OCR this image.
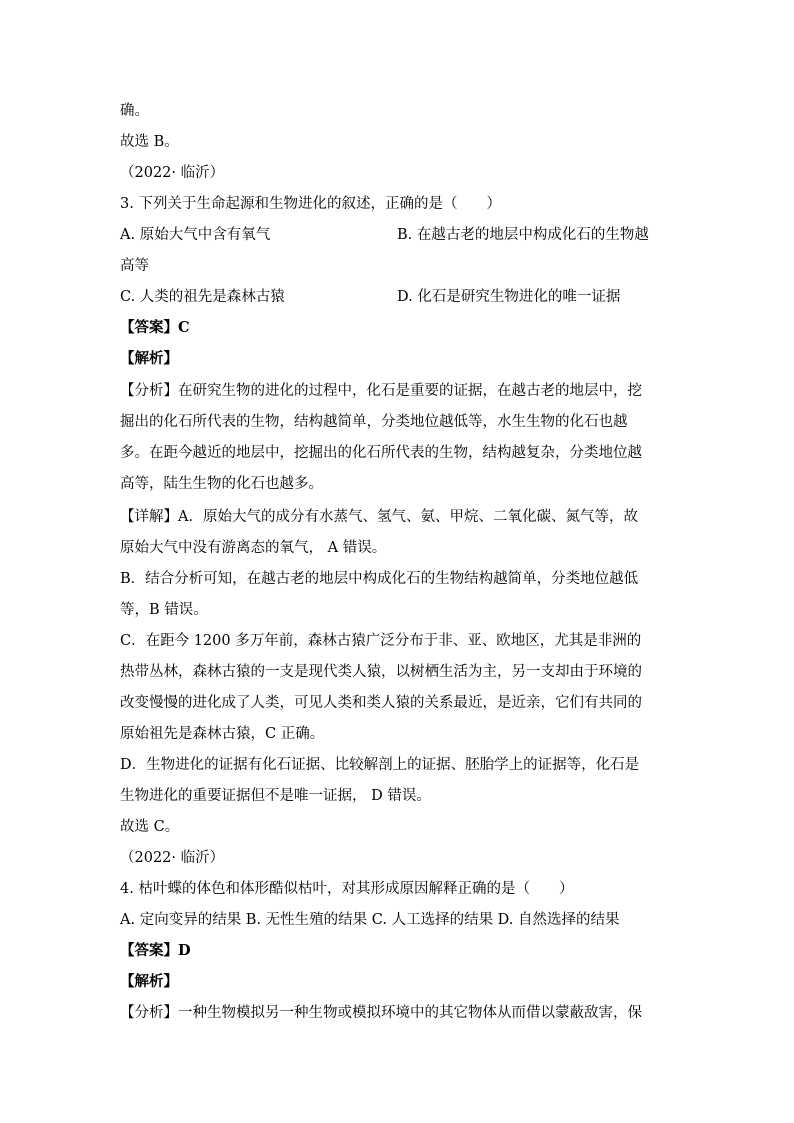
确。
故选 B。
（2022· 临沂）
3. 下列关于生命起源和生物进化的叙述，正确的是（　　）
A. 原始大气中含有氧气	B. 在越古老的地层中构成化石的生物越
高等
C. 人类的祖先是森林古猿	D. 化石是研究生物进化的唯一证据
【答案】C
【解析】
【分析】在研究生物的进化的过程中，化石是重要的证据，在越古老的地层中，挖
掘出的化石所代表的生物，结构越简单，分类地位越低等，水生生物的化石也越
多。在距今越近的地层中，挖掘出的化石所代表的生物，结构越复杂，分类地位越
高等，陆生生物的化石也越多。
【详解】A．原始大气的成分有水蒸气、氢气、氨、甲烷、二氧化碳、氮气等，故
原始大气中没有游离态的氧气， A 错误。
B．结合分析可知，在越古老的地层中构成化石的生物结构越简单，分类地位越低
等，B 错误。
C．在距今 1200 多万年前，森林古猿广泛分布于非、亚、欧地区，尤其是非洲的
热带丛林，森林古猿的一支是现代类人猿，以树栖生活为主，另一支却由于环境的
改变慢慢的进化成了人类，可见人类和类人猿的关系最近，是近亲，它们有共同的
原始祖先是森林古猿，C 正确。
D．生物进化的证据有化石证据、比较解剖上的证据、胚胎学上的证据等，化石是
生物进化的重要证据但不是唯一证据， D 错误。
故选 C。
（2022· 临沂）
4. 枯叶蝶的体色和体形酷似枯叶，对其形成原因解释正确的是（　　）
A. 定向变异的结果 B. 无性生殖的结果 C. 人工选择的结果 D. 自然选择的结果
【答案】D
【解析】
【分析】一种生物模拟另一种生物或模拟环境中的其它物体从而借以蒙蔽敌害，保
